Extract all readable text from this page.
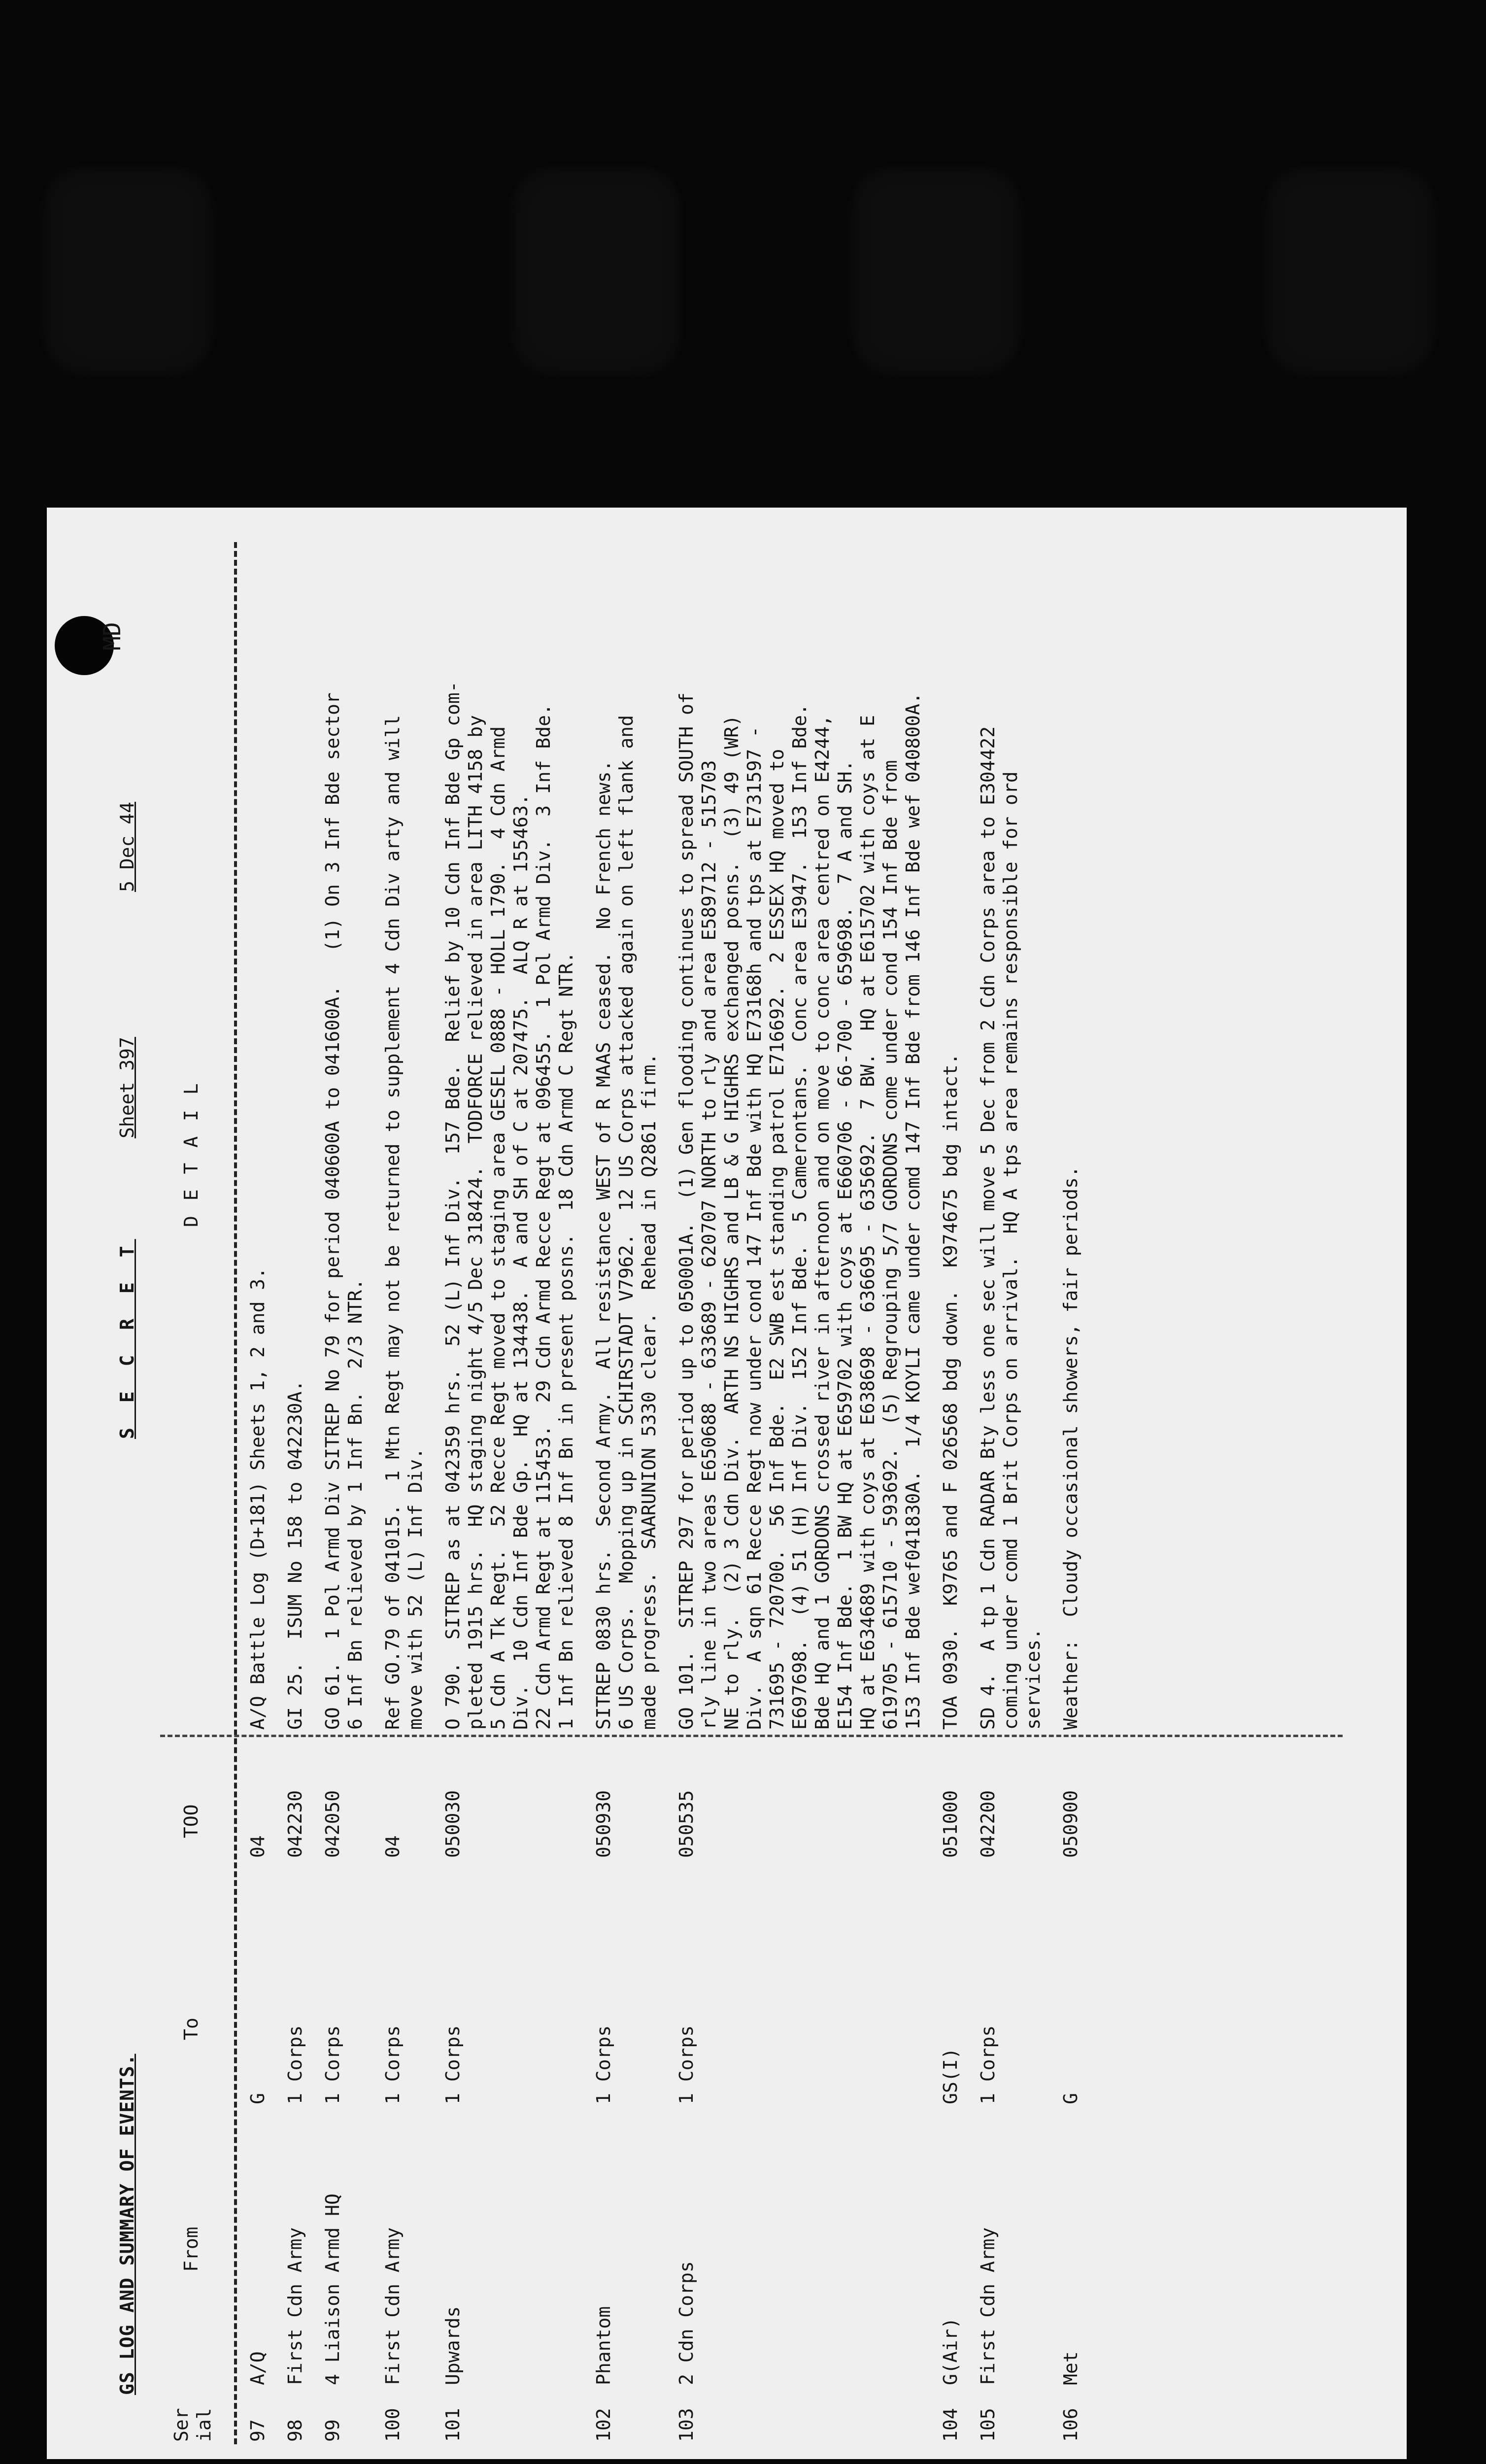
GS LOG AND SUMMARY OF EVENTS.
S E C R E T
Sheet 397
5 Dec 44
MD
Ser ial
From
To
TOO
D E T A I L
97
A/Q
G
04

A/Q Battle Log (D+181) Sheets 1, 2 and 3.

98
First Cdn Army
1 Corps
042230

GI 25.  ISUM No 158 to 042230A.

99
4 Liaison Armd HQ
1 Corps
042050

GO 61.  1 Pol Armd Div SITREP No 79 for period 040600A to 041600A.   (1) On 3 Inf Bde sector 6 Inf Bn relieved by 1 Inf Bn.  2/3 NTR.

100
First Cdn Army
1 Corps
04

Ref GO.79 of 041015.  1 Mtn Regt may not be returned to supplement 4 Cdn Div arty and will move with 52 (L) Inf Div.

101
Upwards
1 Corps
050030

O 790.  SITREP as at 042359 hrs.  52 (L) Inf Div.  157 Bde.  Relief by 10 Cdn Inf Bde Gp com- pleted 1915 hrs.  HQ staging night 4/5 Dec 318424.  TODFORCE relieved in area LITH 4158 by 5 Cdn A Tk Regt.  52 Recce Regt moved to staging area GESEL 0888 - HOLL 1790.  4 Cdn Armd Div.  10 Cdn Inf Bde Gp.  HQ at 134438.  A and SH of C at 207475.  ALQ R at 155463. 22 Cdn Armd Regt at 115453.  29 Cdn Armd Recce Regt at 096455.  1 Pol Armd Div.  3 Inf Bde. 1 Inf Bn relieved 8 Inf Bn in present posns.  18 Cdn Armd C Regt NTR.

102
Phantom
1 Corps
050930

SITREP 0830 hrs.  Second Army.  All resistance WEST of R MAAS ceased.  No French news. 6 US Corps.  Mopping up in SCHIRSTADT V7962.  12 US Corps attacked again on left flank and made progress.  SAARUNION 5330 clear.  Rehead in Q2861 firm.

103
2 Cdn Corps
1 Corps
050535

GO 101.  SITREP 297 for period up to 050001A.  (1) Gen flooding continues to spread SOUTH of rly line in two areas E650688 - 633689 - 620707 NORTH to rly and area E589712 - 515703 NE to rly.  (2) 3 Cdn Div.  ARTH NS HIGHRS and LB & G HIGHRS exchanged posns.  (3) 49 (WR) Div.  A sqn 61 Recce Regt now under cond 147 Inf Bde with HQ E73168h and tps at E731597 - 731695 - 720700.  56 Inf Bde.  E2 SWB est standing patrol E716692.  2 ESSEX HQ moved to E697698.  (4) 51 (H) Inf Div.  152 Inf Bde.  5 Camerontans.  Conc area E3947.  153 Inf Bde. Bde HQ and 1 GORDONS crossed river in afternoon and on move to conc area centred on E4244, E154 Inf Bde.  1 BW HQ at E659702 with coys at E660706 - 66-700 - 659698.  7 A and SH. HQ at E634689 with coys at E638698 - 636695 - 635692.  7 BW.  HQ at E615702 with coys at E 619705 - 615710 - 593692.  (5) Regrouping 5/7 GORDONS come under cond 154 Inf Bde from 153 Inf Bde wef041830A.  1/4 KOYLI came under comd 147 Inf Bde from 146 Inf Bde wef 040800A.

104
G(Air)
GS(I)
051000

TOA 0930.  K9765 and F 026568 bdg down.  K974675 bdg intact.

105
First Cdn Army
1 Corps
042200

SD 4.  A tp 1 Cdn RADAR Bty less one sec will move 5 Dec from 2 Cdn Corps area to E304422 coming under comd 1 Brit Corps on arrival.  HQ A tps area remains responsible for ord services.

106
Met
G
050900

Weather:  Cloudy occasional showers, fair periods.
